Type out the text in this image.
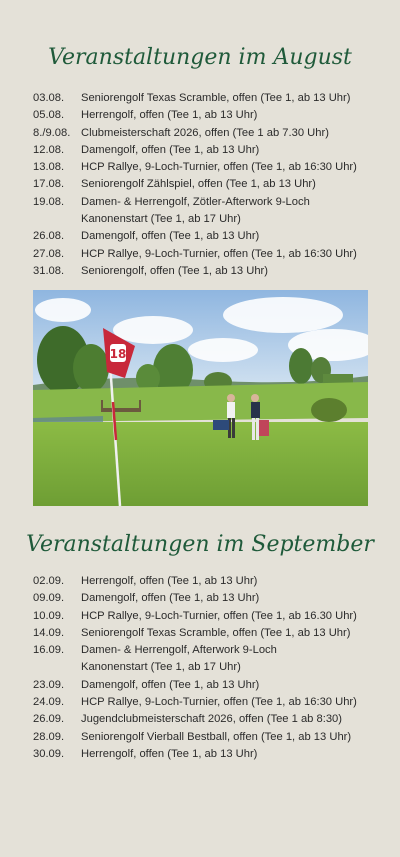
Veranstaltungen im August
03.08.	Seniorengolf Texas Scramble, offen (Tee 1, ab 13 Uhr)
05.08.	Herrengolf, offen (Tee 1, ab 13 Uhr)
8./9.08. Clubmeisterschaft 2026, offen (Tee 1 ab 7.30 Uhr)
12.08.	Damengolf, offen (Tee 1, ab 13 Uhr)
13.08.	HCP Rallye, 9-Loch-Turnier, offen (Tee 1, ab 16:30 Uhr)
17.08.	Seniorengolf Zählspiel, offen (Tee 1, ab 13 Uhr)
19.08.	Damen- & Herrengolf, Zötler-Afterwork 9-Loch
Kanonenstart (Tee 1, ab 17 Uhr)
26.08.	Damengolf, offen (Tee 1, ab 13 Uhr)
27.08.	HCP Rallye, 9-Loch-Turnier, offen (Tee 1, ab 16:30 Uhr)
31.08.	Seniorengolf, offen (Tee 1, ab 13 Uhr)
18
Veranstaltungen im September
02.09.	Herrengolf, offen (Tee 1, ab 13 Uhr)
09.09.	Damengolf, offen (Tee 1, ab 13 Uhr)
10.09.	HCP Rallye, 9-Loch-Turnier, offen (Tee 1, ab 16.30 Uhr)
14.09.	Seniorengolf Texas Scramble, offen (Tee 1, ab 13 Uhr)
16.09.	Damen- & Herrengolf, Afterwork 9-Loch
Kanonenstart (Tee 1, ab 17 Uhr)
23.09.	Damengolf, offen (Tee 1, ab 13 Uhr)
24.09.	HCP Rallye, 9-Loch-Turnier, offen (Tee 1, ab 16:30 Uhr)
26.09.	Jugendclubmeisterschaft 2026, offen (Tee 1 ab 8:30)
28.09.	Seniorengolf Vierball Bestball, offen (Tee 1, ab 13 Uhr)
30.09.	Herrengolf, offen (Tee 1, ab 13 Uhr)
